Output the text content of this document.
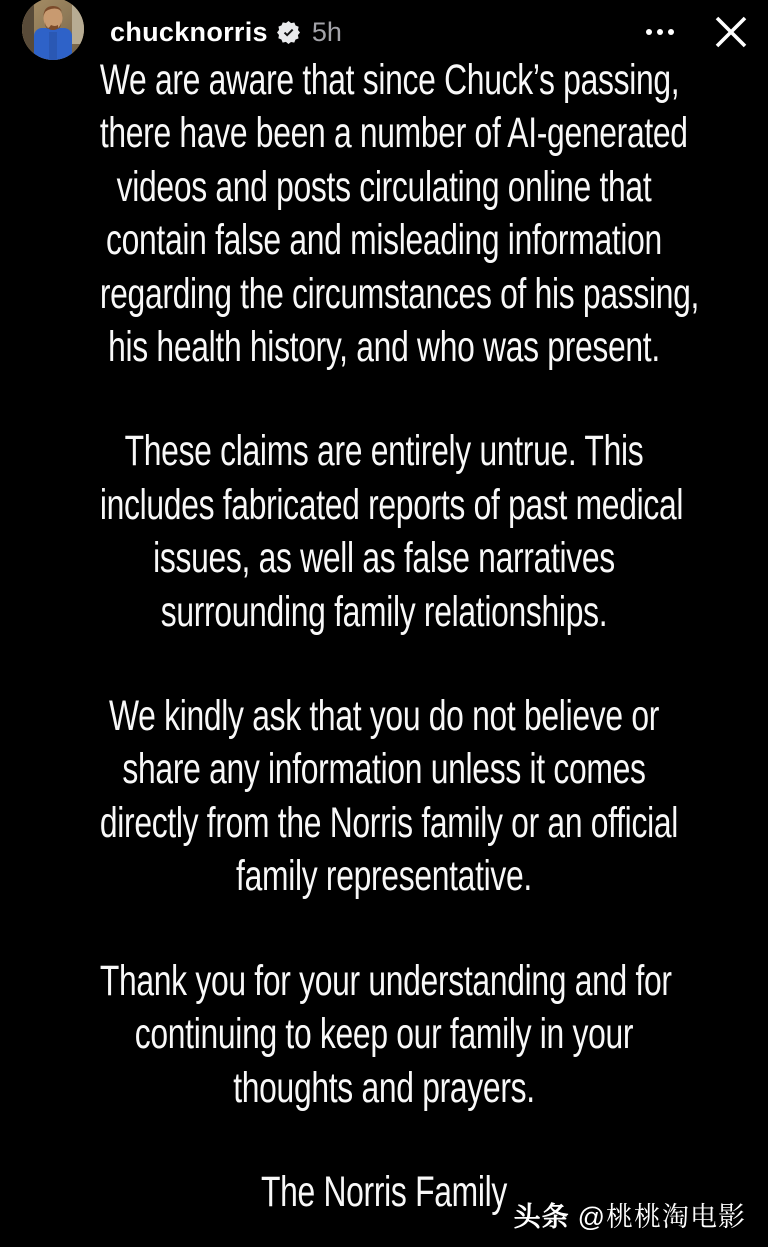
chucknorris 5h
We are aware that since Chuck’s passing,
there have been a number of AI-generated
videos and posts circulating online that
contain false and misleading information
regarding the circumstances of his passing,
his health history, and who was present.
These claims are entirely untrue. This
includes fabricated reports of past medical
issues, as well as false narratives
surrounding family relationships.
We kindly ask that you do not believe or
share any information unless it comes
directly from the Norris family or an official
family representative.
Thank you for your understanding and for
continuing to keep our family in your
thoughts and prayers.
The Norris Family
头条 @桃桃淘电影
